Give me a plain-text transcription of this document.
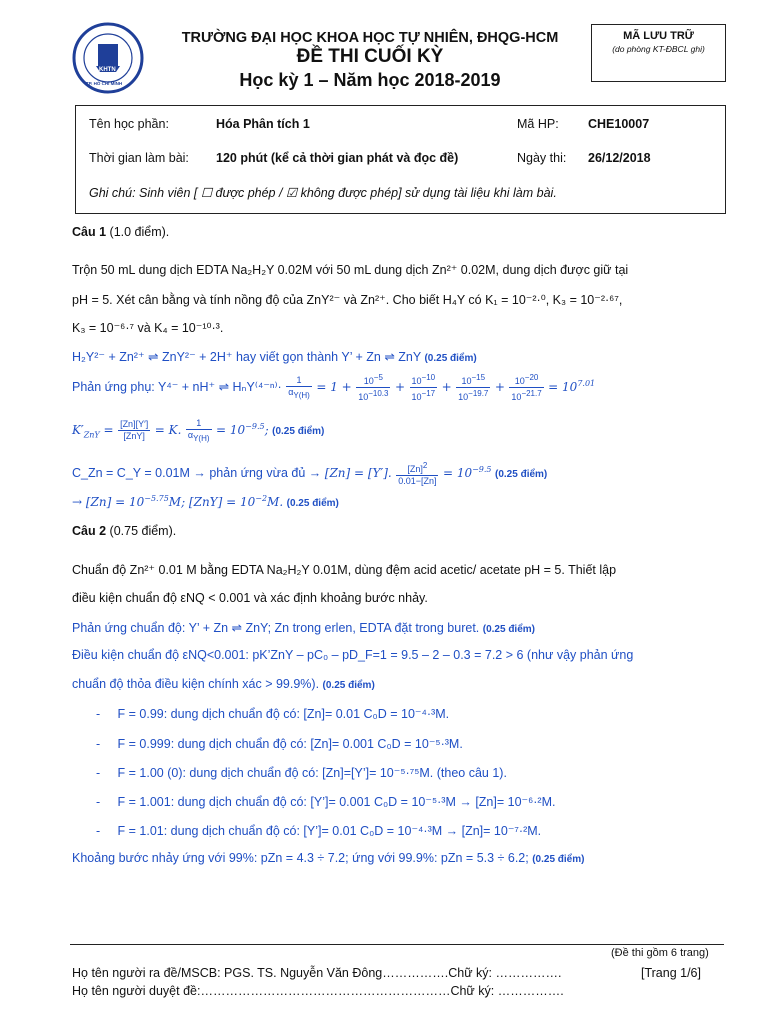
KHTN
TP. HỒ CHÍ MINH
TRƯỜNG ĐẠI HỌC KHOA HỌC TỰ NHIÊN, ĐHQG-HCM
ĐỀ THI CUỐI KỲ
Học kỳ 1 – Năm học 2018-2019
MÃ LƯU TRỮ
(do phòng KT-ĐBCL ghi)
Tên học phần:	Hóa Phân tích 1	Mã HP: CHE10007
Thời gian làm bài: 120 phút (kể cả thời gian phát và đọc đề)	Ngày thi: 26/12/2018
Ghi chú: Sinh viên [ ☐ được phép / ☑ không được phép] sử dụng tài liệu khi làm bài.
Câu 1 (1.0 điểm).
Trộn 50 mL dung dịch EDTA Na₂H₂Y 0.02M với 50 mL dung dịch Zn²⁺ 0.02M, dung dịch được giữ tại
pH = 5. Xét cân bằng và tính nồng độ của ZnY²⁻ và Zn²⁺. Cho biết H₄Y có K₁ = 10⁻²·⁰, K₃ = 10⁻²·⁶⁷,
K₃ = 10⁻⁶·⁷ và K₄ = 10⁻¹⁰·³.
H₂Y²⁻ + Zn²⁺ ⇌ ZnY²⁻ + 2H⁺ hay viết gọn thành Y’ + Zn ⇌ ZnY (0.25 điểm)
Phản ứng phụ: Y⁴⁻ + nH⁺ ⇌ $H_nY^{(4-n)}\cdot \frac{1}{\alpha_{Y(H)}} = 1 + \frac{10^{-5}}{10^{-10.3}} + \frac{10^{-10}}{10^{-17}} + \frac{10^{-15}}{10^{-19.7}} + \frac{10^{-20}}{10^{-21.7}} = 10^{7.01}$
$K'_{ZnY} = \frac{[Zn][Y']}{\text{[ZnY]}} = K$. $\frac{1}{\alpha_{Y(H)}} = 10^{-9.5}$; (0.25 điểm)
C_Zn = C_Y = 0.01M → phản ứng vừa đủ → [Zn] = [Y′]. $\frac{[Zn]^2}{0.01-[Zn]} = 10^{-9.5}$ (0.25 điểm)
→ $[Zn] = 10^{-5.75}M$; $[ZnY] = 10^{-2}M$. (0.25 điểm)
Câu 2 (0.75 điểm).
Chuẩn độ Zn²⁺ 0.01 M bằng EDTA Na₂H₂Y 0.01M, dùng đệm acid acetic/ acetate pH = 5. Thiết lập
điều kiện chuẩn độ εNQ < 0.001 và xác định khoảng bước nhảy.
Phản ứng chuẩn độ: Y’ + Zn ⇌ ZnY; Zn trong erlen, EDTA đặt trong buret. (0.25 điểm)
Điều kiện chuẩn độ εNQ<0.001: pK’ZnY – pC₀ – pD_F=1 = 9.5 – 2 – 0.3 = 7.2 > 6 (như vậy phản ứng
chuẩn độ thỏa điều kiện chính xác > 99.9%). (0.25 điểm)
-     F = 0.99: dung dịch chuẩn độ có: [Zn]= 0.01 C₀D = 10⁻⁴·³M.
-     F = 0.999: dung dịch chuẩn độ có: [Zn]= 0.001 C₀D = 10⁻⁵·³M.
-     F = 1.00 (0): dung dịch chuẩn độ có: [Zn]=[Y’]= 10⁻⁵·⁷⁵M. (theo câu 1).
-     F = 1.001: dung dịch chuẩn độ có: [Y’]= 0.001 C₀D = 10⁻⁵·³M → [Zn]= 10⁻⁶·²M.
-     F = 1.01: dung dịch chuẩn độ có: [Y’]= 0.01 C₀D = 10⁻⁴·³M → [Zn]= 10⁻⁷·²M.
Khoảng bước nhảy ứng với 99%: pZn = 4.3 ÷ 7.2; ứng với 99.9%: pZn = 5.3 ÷ 6.2; (0.25 điểm)
(Đề thi gồm 6 trang)
Họ tên người ra đề/MSCB: PGS. TS. Nguyễn Văn Đông…………….Chữ ký: …………….	[Trang 1/6]
Họ tên người duyệt đề:……………………………………………………Chữ ký: …………….
